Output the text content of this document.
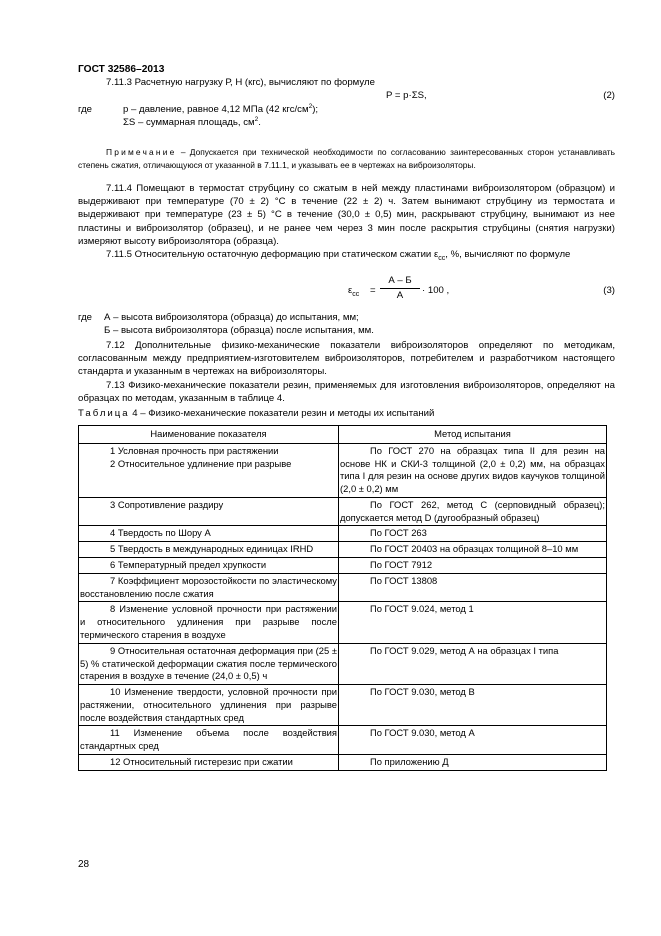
ГОСТ 32586–2013

7.11.3 Расчетную нагрузку Р, Н (кгс), вычисляют по формуле

P = p·ΣS,	(2)
где	р – давление, равное 4,12 МПа (42 кгс/$см^2$);
ΣS – суммарная площадь, $см^2$.

Примечание – Допускается при технической необходимости по согласованию заинтересованных сторон устанавливать степень сжатия, отличающуюся от указанной в 7.11.1, и указывать ее в чертежах на виброизоляторы.

7.11.4 Помещают в термостат струбцину со сжатым в ней между пластинами виброизолятором (образцом) и выдерживают при температуре (70 ± 2) °С в течение (22 ± 2) ч. Затем вынимают струбцину из термостата и выдерживают при температуре (23 ± 5) °С в течение (30,0 ± 0,5) мин, раскрывают струбцину, вынимают из нее пластины и виброизолятор (образец), и не ранее чем через 3 мин после раскрытия струбцины (снятия нагрузки) измеряют высоту виброизолятора (образца).

7.11.5 Относительную остаточную деформацию при статическом сжатии $\varepsilon_{сс}$, %, вычисляют по формуле

$\varepsilon_{сс}$ =
А – Б
А	· 100 ,	(3)
где А – высота виброизолятора (образца) до испытания, мм;
Б – высота виброизолятора (образца) после испытания, мм.

7.12 Дополнительные физико-механические показатели виброизоляторов определяют по методикам, согласованным между предприятием-изготовителем виброизоляторов, потребителем и разработчиком настоящего стандарта и указанным в чертежах на виброизоляторы.

7.13 Физико-механические показатели резин, применяемых для изготовления виброизоляторов, определяют на образцах по методам, указанным в таблице 4.

Таблица 4 – Физико-механические показатели резин и методы их испытаний
Наименование показателя	Метод испытания

1 Условная прочность при растяжении
2 Относительное удлинение при разрыве	По ГОСТ 270 на образцах типа II для резин на основе НК и СКИ-3 толщиной (2,0 ± 0,2) мм, на образцах типа I для резин на основе других видов каучуков толщиной (2,0 ± 0,2) мм
3 Сопротивление раздиру	По ГОСТ 262, метод С (серповидный образец); допускается метод D (дугообразный образец)
4 Твердость по Шору А	По ГОСТ 263
5 Твердость в международных единицах IRHD	По ГОСТ 20403 на образцах толщиной 8–10 мм
6 Температурный предел хрупкости	По ГОСТ 7912
7 Коэффициент морозостойкости по эластическому восстановлению после сжатия	По ГОСТ 13808
8 Изменение условной прочности при растяжении и относительного удлинения при разрыве после термического старения в воздухе	По ГОСТ 9.024, метод 1
9 Относительная остаточная деформация при (25 ± 5) % статической деформации сжатия после термического старения в воздухе в течение (24,0 ± 0,5) ч	По ГОСТ 9.029, метод А на образцах I типа
10 Изменение твердости, условной прочности при растяжении, относительного удлинения при разрыве после воздействия стандартных сред	По ГОСТ 9.030, метод В
11 Изменение объема после воздействия стандартных сред	По ГОСТ 9.030, метод А
12 Относительный гистерезис при сжатии	По приложению Д
28
